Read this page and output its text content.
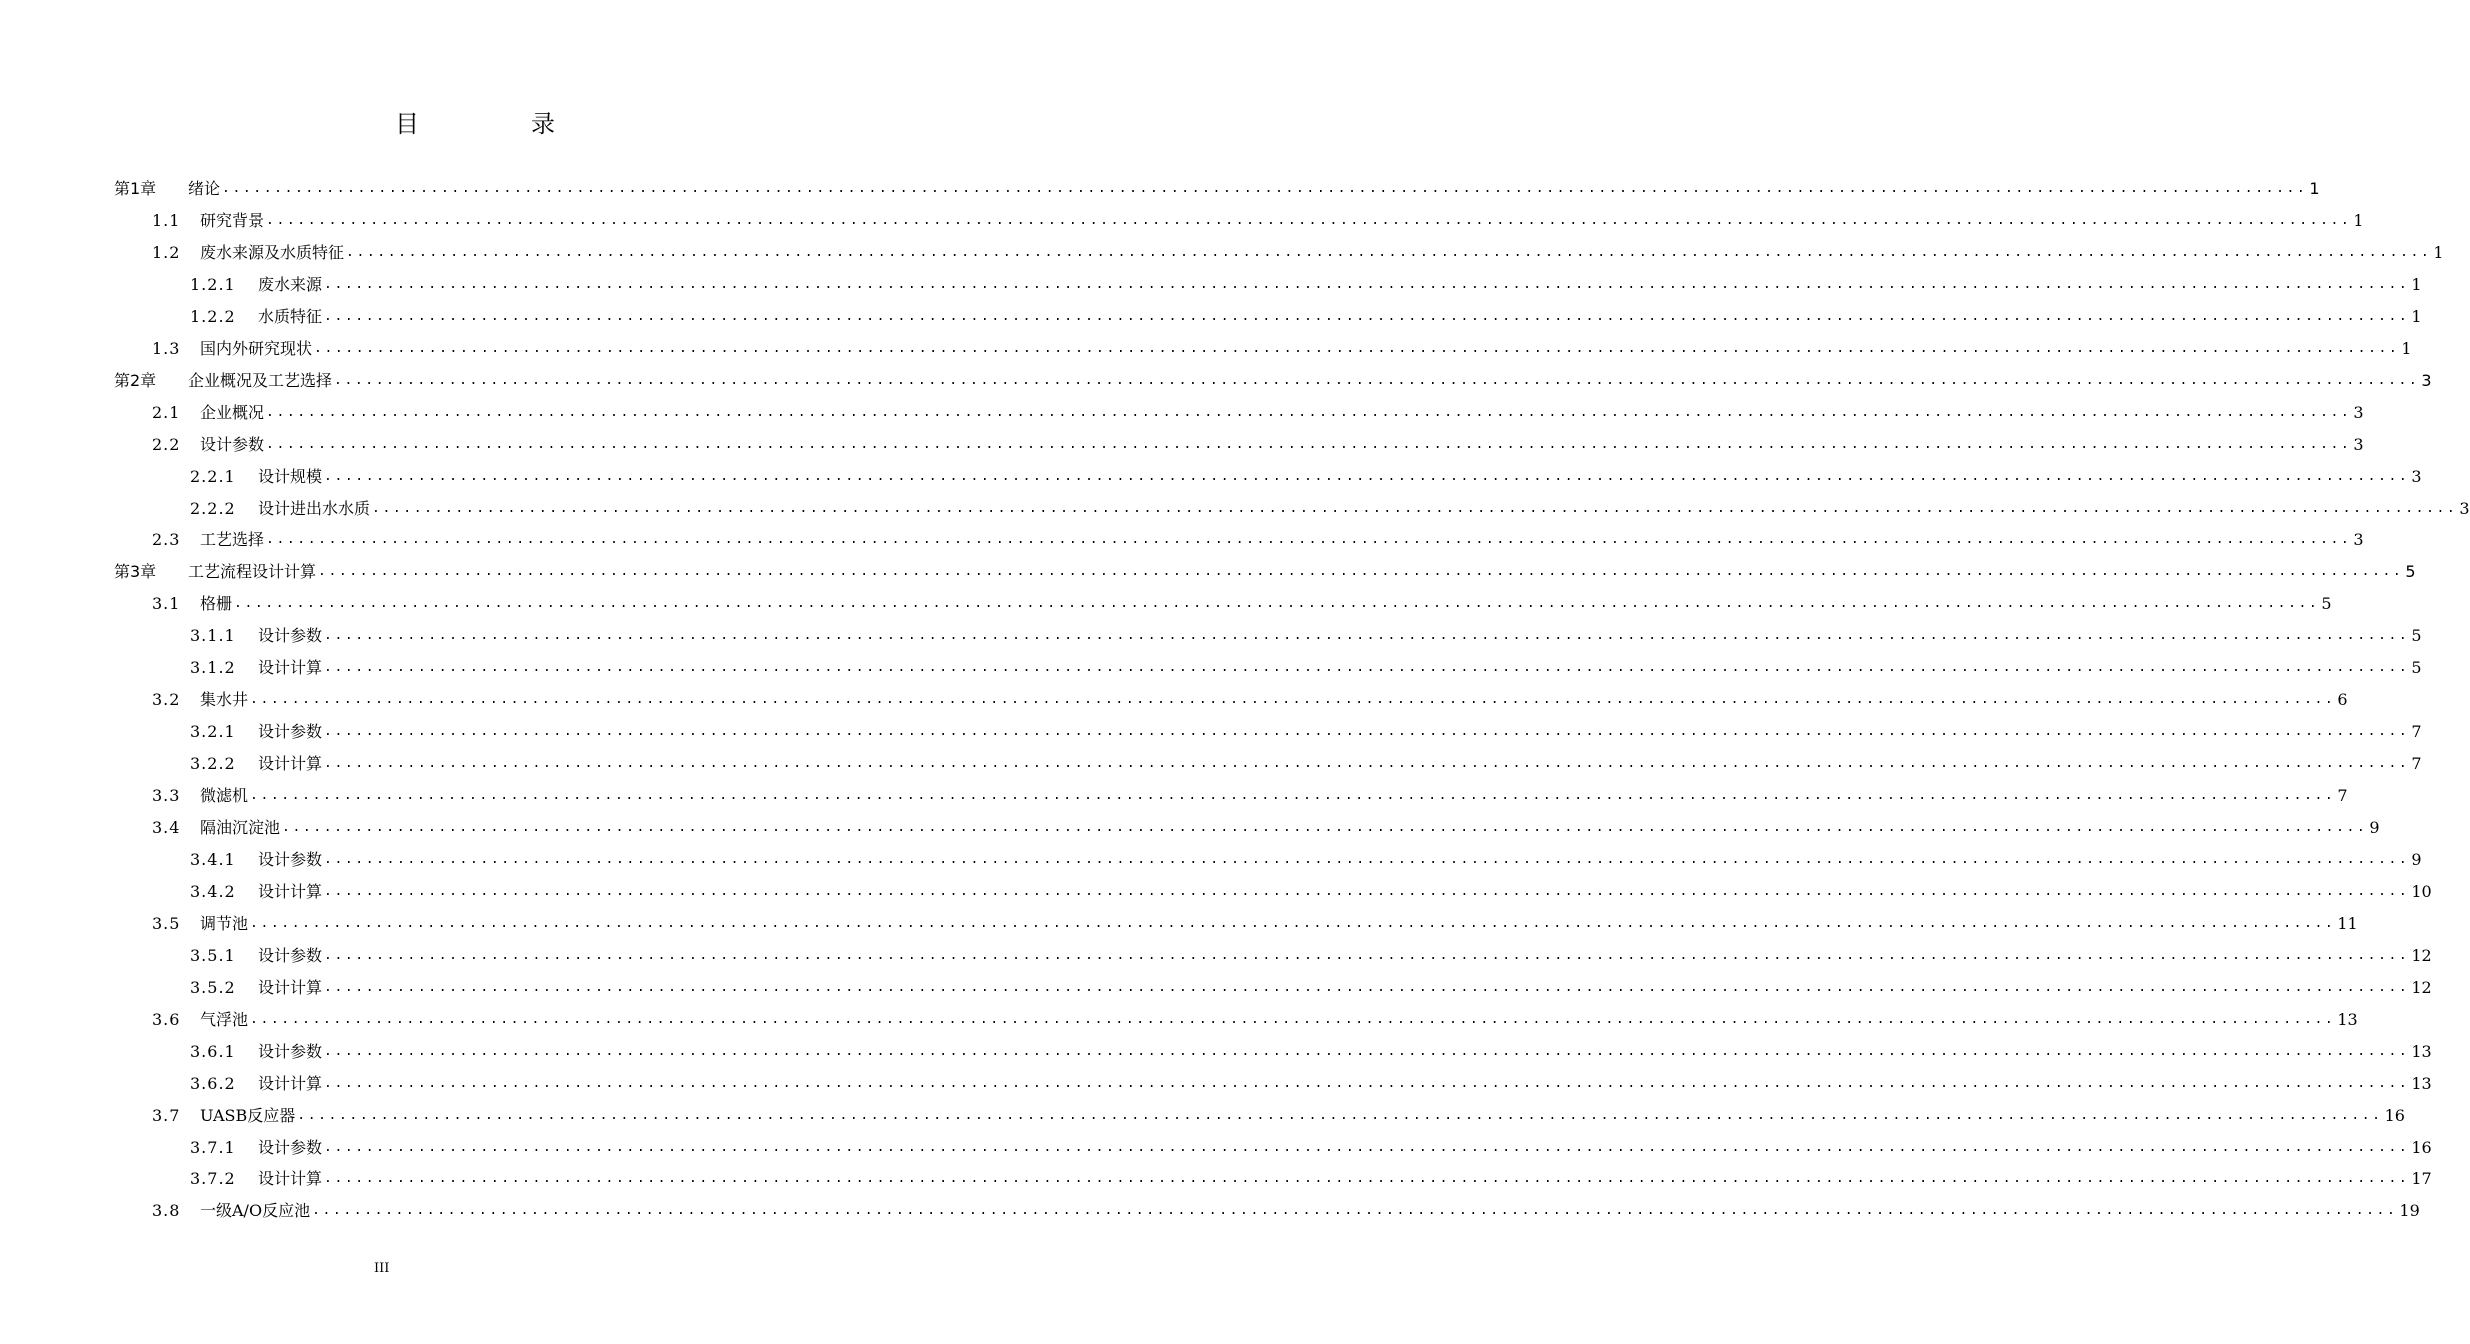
目　录
第1章 绪论 ........................................................................................................................................................................................................ 1
1.1 研究背景 ........................................................................................................................................................................................................ 1
1.2 废水来源及水质特征 ........................................................................................................................................................................................................ 1
1.2.1 废水来源 ........................................................................................................................................................................................................ 1
1.2.2 水质特征 ........................................................................................................................................................................................................ 1
1.3 国内外研究现状 ........................................................................................................................................................................................................ 1
第2章 企业概况及工艺选择 ........................................................................................................................................................................................................ 3
2.1 企业概况 ........................................................................................................................................................................................................ 3
2.2 设计参数 ........................................................................................................................................................................................................ 3
2.2.1 设计规模 ........................................................................................................................................................................................................ 3
2.2.2 设计进出水水质 ........................................................................................................................................................................................................ 3
2.3 工艺选择 ........................................................................................................................................................................................................ 3
第3章 工艺流程设计计算 ........................................................................................................................................................................................................ 5
3.1 格栅 ........................................................................................................................................................................................................ 5
3.1.1 设计参数 ........................................................................................................................................................................................................ 5
3.1.2 设计计算 ........................................................................................................................................................................................................ 5
3.2 集水井 ........................................................................................................................................................................................................ 6
3.2.1 设计参数 ........................................................................................................................................................................................................ 7
3.2.2 设计计算 ........................................................................................................................................................................................................ 7
3.3 微滤机 ........................................................................................................................................................................................................ 7
3.4 隔油沉淀池 ........................................................................................................................................................................................................ 9
3.4.1 设计参数 ........................................................................................................................................................................................................ 9
3.4.2 设计计算 ........................................................................................................................................................................................................ 10
3.5 调节池 ........................................................................................................................................................................................................ 11
3.5.1 设计参数 ........................................................................................................................................................................................................ 12
3.5.2 设计计算 ........................................................................................................................................................................................................ 12
3.6 气浮池 ........................................................................................................................................................................................................ 13
3.6.1 设计参数 ........................................................................................................................................................................................................ 13
3.6.2 设计计算 ........................................................................................................................................................................................................ 13
3.7 UASB反应器 ........................................................................................................................................................................................................ 16
3.7.1 设计参数 ........................................................................................................................................................................................................ 16
3.7.2 设计计算 ........................................................................................................................................................................................................ 17
3.8 一级A/O反应池 ........................................................................................................................................................................................................ 19
III
